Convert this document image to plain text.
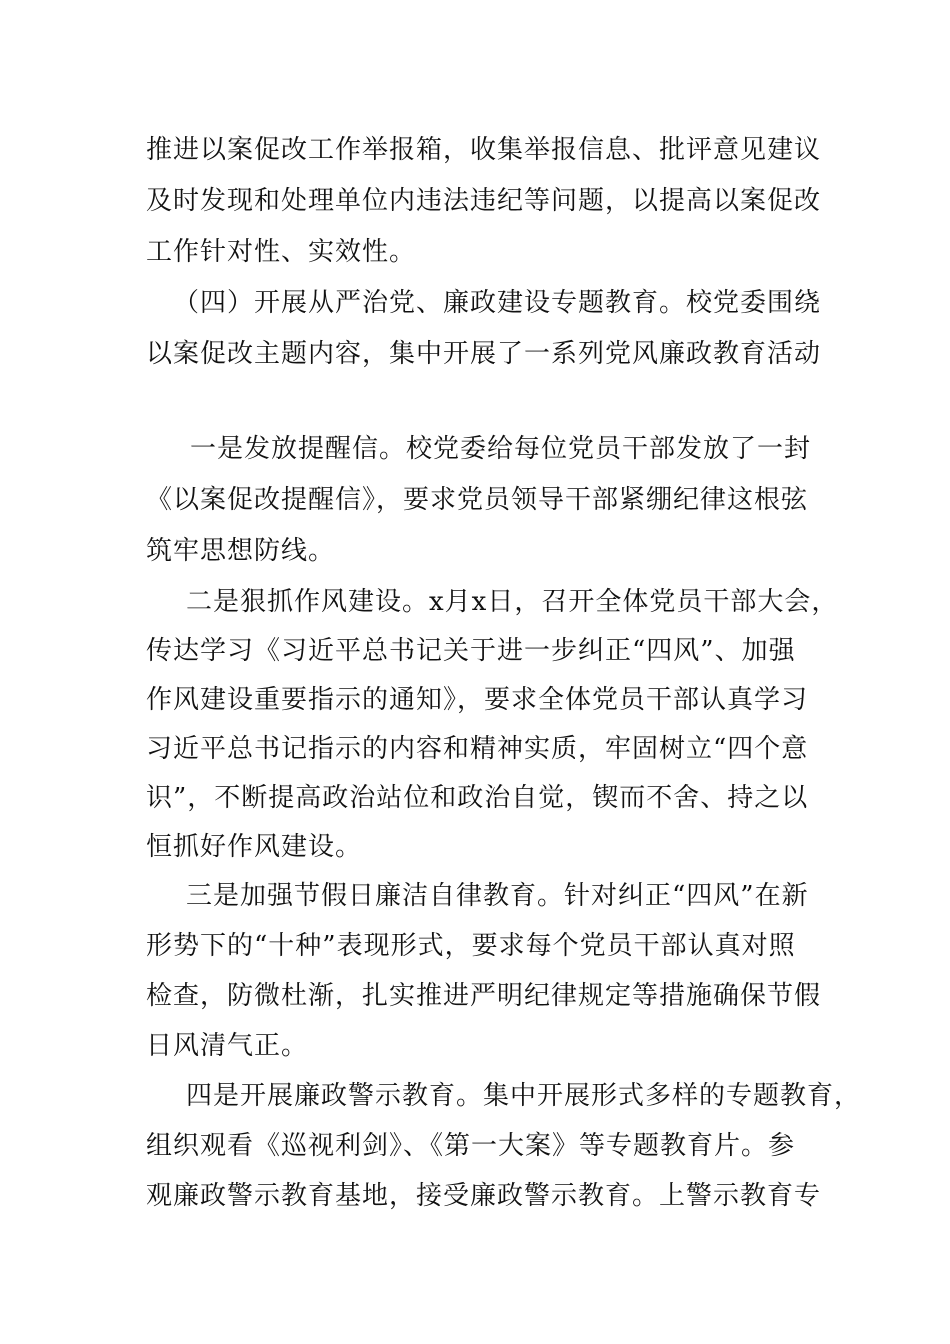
推进以案促改工作举报箱，收集举报信息、批评意见建议

及时发现和处理单位内违法违纪等问题，以提高以案促改

工作针对性、实效性。

（四）开展从严治党、廉政建设专题教育。校党委围绕

以案促改主题内容，集中开展了一系列党风廉政教育活动

一是发放提醒信。校党委给每位党员干部发放了一封

《以案促改提醒信》，要求党员领导干部紧绷纪律这根弦

筑牢思想防线。

二是狠抓作风建设。x月x日，召开全体党员干部大会，

传达学习《习近平总书记关于进一步纠正“四风”、加强

作风建设重要指示的通知》，要求全体党员干部认真学习

习近平总书记指示的内容和精神实质，牢固树立“四个意

识”，不断提高政治站位和政治自觉，锲而不舍、持之以

恒抓好作风建设。

三是加强节假日廉洁自律教育。针对纠正“四风”在新

形势下的“十种”表现形式，要求每个党员干部认真对照

检查，防微杜渐，扎实推进严明纪律规定等措施确保节假

日风清气正。

四是开展廉政警示教育。集中开展形式多样的专题教育，

组织观看《巡视利剑》、《第一大案》等专题教育片。参

观廉政警示教育基地，接受廉政警示教育。上警示教育专
